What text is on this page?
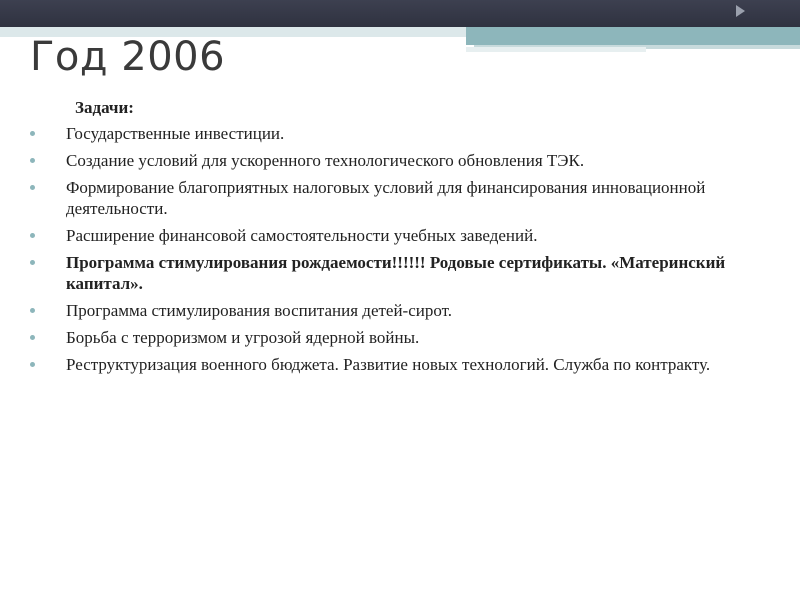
Год 2006
Задачи:
Государственные инвестиции.
Создание условий для ускоренного технологического обновления ТЭК.
Формирование благоприятных налоговых условий для финансирования инновационной деятельности.
Расширение финансовой самостоятельности учебных заведений.
Программа стимулирования рождаемости!!!!!! Родовые сертификаты. «Материнский капитал».
Программа стимулирования воспитания детей-сирот.
Борьба с терроризмом и угрозой ядерной войны.
Реструктуризация военного бюджета. Развитие новых технологий. Служба по контракту.
